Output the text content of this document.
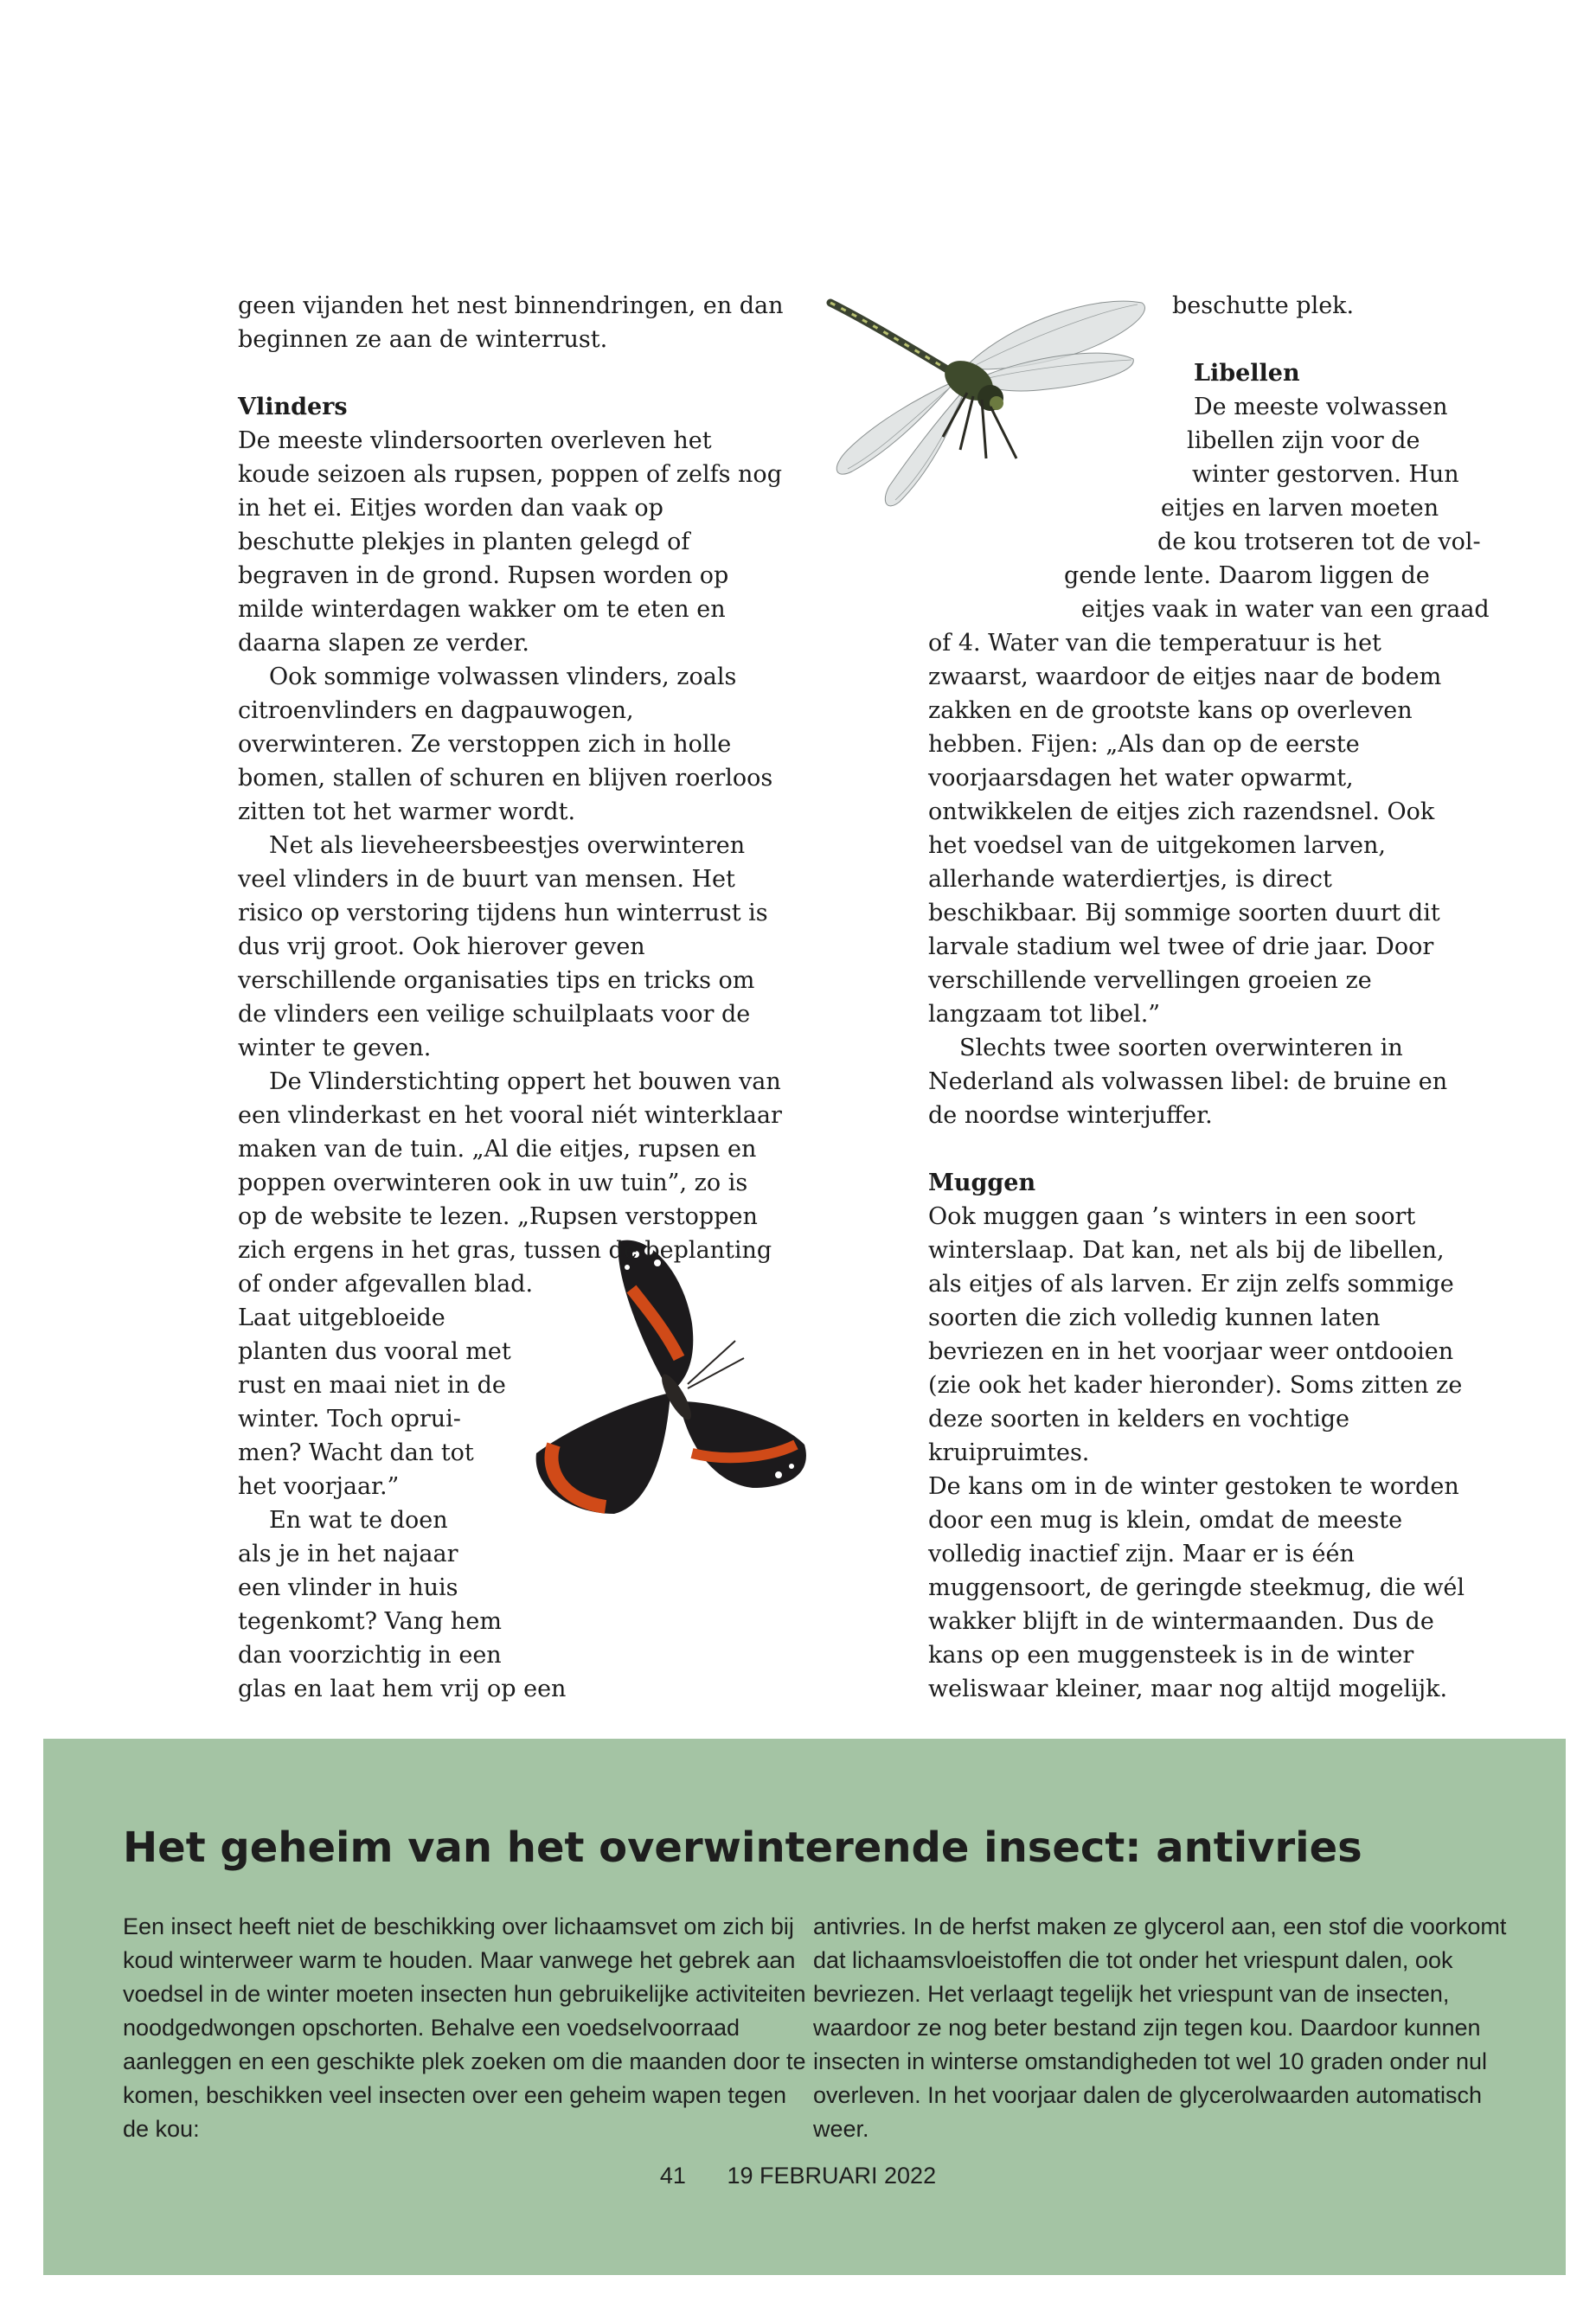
geen vijanden het nest binnendringen, en dan
beginnen ze aan de winterrust.
Vlinders

De meeste vlindersoorten overleven het koude seizoen als rupsen, poppen of zelfs nog in het ei. Eitjes worden dan vaak op beschutte plekjes in planten gelegd of begraven in de grond. Rupsen worden op milde winterdagen wakker om te eten en daarna slapen ze verder.

Ook sommige volwassen vlinders, zoals citroenvlinders en dagpauwogen, overwinteren. Ze verstoppen zich in holle bomen, stallen of schuren en blijven roerloos zitten tot het warmer wordt.

Net als lieveheersbeestjes overwinteren veel vlinders in de buurt van mensen. Het risico op verstoring tijdens hun winterrust is dus vrij groot. Ook hierover geven verschillende organisaties tips en tricks om de vlinders een veilige schuilplaats voor de winter te geven.

De Vlinderstichting oppert het bouwen van een vlinderkast en het vooral niét winterklaar maken van de tuin. „Al die eitjes, rupsen en poppen overwinteren ook in uw tuin”, zo is op de website te lezen. „Rupsen verstoppen zich ergens in het gras, tussen de beplanting of onder afgevallen blad.

Laat uitgebloeide
planten dus vooral met
rust en maai niet in de
winter. Toch oprui-
men? Wacht dan tot
het voorjaar.”
En wat te doen
als je in het najaar
een vlinder in huis
tegenkomt? Vang hem
dan voorzichtig in een
glas en laat hem vrij op een
beschutte plek.
Libellen
De meeste volwassen
libellen zijn voor de
winter gestorven. Hun
eitjes en larven moeten
de kou trotseren tot de vol-
gende lente. Daarom liggen de
eitjes vaak in water van een graad

of 4. Water van die temperatuur is het zwaarst, waardoor de eitjes naar de bodem zakken en de grootste kans op overleven hebben. Fijen: „Als dan op de eerste voorjaarsdagen het water opwarmt, ontwikkelen de eitjes zich razendsnel. Ook het voedsel van de uitgekomen larven, allerhande waterdiertjes, is direct beschikbaar. Bij sommige soorten duurt dit larvale stadium wel twee of drie jaar. Door verschillende vervellingen groeien ze langzaam tot libel.”

Slechts twee soorten overwinteren in Nederland als volwassen libel: de bruine en de noordse winterjuffer.

Muggen

Ook muggen gaan ’s winters in een soort winterslaap. Dat kan, net als bij de libellen, als eitjes of als larven. Er zijn zelfs sommige soorten die zich volledig kunnen laten bevriezen en in het voorjaar weer ontdooien (zie ook het kader hieronder). Soms zitten ze deze soorten in kelders en vochtige kruipruimtes.

De kans om in de winter gestoken te worden door een mug is klein, omdat de meeste volledig inactief zijn. Maar er is één muggensoort, de geringde steekmug, die wél wakker blijft in de wintermaanden. Dus de kans op een muggensteek is in de winter weliswaar kleiner, maar nog altijd mogelijk.

Het geheim van het overwinterende insect: antivries
Een insect heeft niet de beschikking over lichaamsvet om zich bij koud winterweer warm te houden. Maar vanwege het gebrek aan voedsel in de winter moeten insecten hun gebruikelijke activiteiten noodgedwongen opschorten. Behalve een voedselvoorraad aanleggen en een geschikte plek zoeken om die maanden door te komen, beschikken veel insecten over een geheim wapen tegen de kou:
antivries. In de herfst maken ze glycerol aan, een stof die voorkomt dat lichaamsvloeistoffen die tot onder het vriespunt dalen, ook bevriezen. Het verlaagt tegelijk het vriespunt van de insecten, waardoor ze nog beter bestand zijn tegen kou. Daardoor kunnen insecten in winterse omstandigheden tot wel 10 graden onder nul overleven. In het voorjaar dalen de glycerolwaarden automatisch weer.
41 19 FEBRUARI 2022
